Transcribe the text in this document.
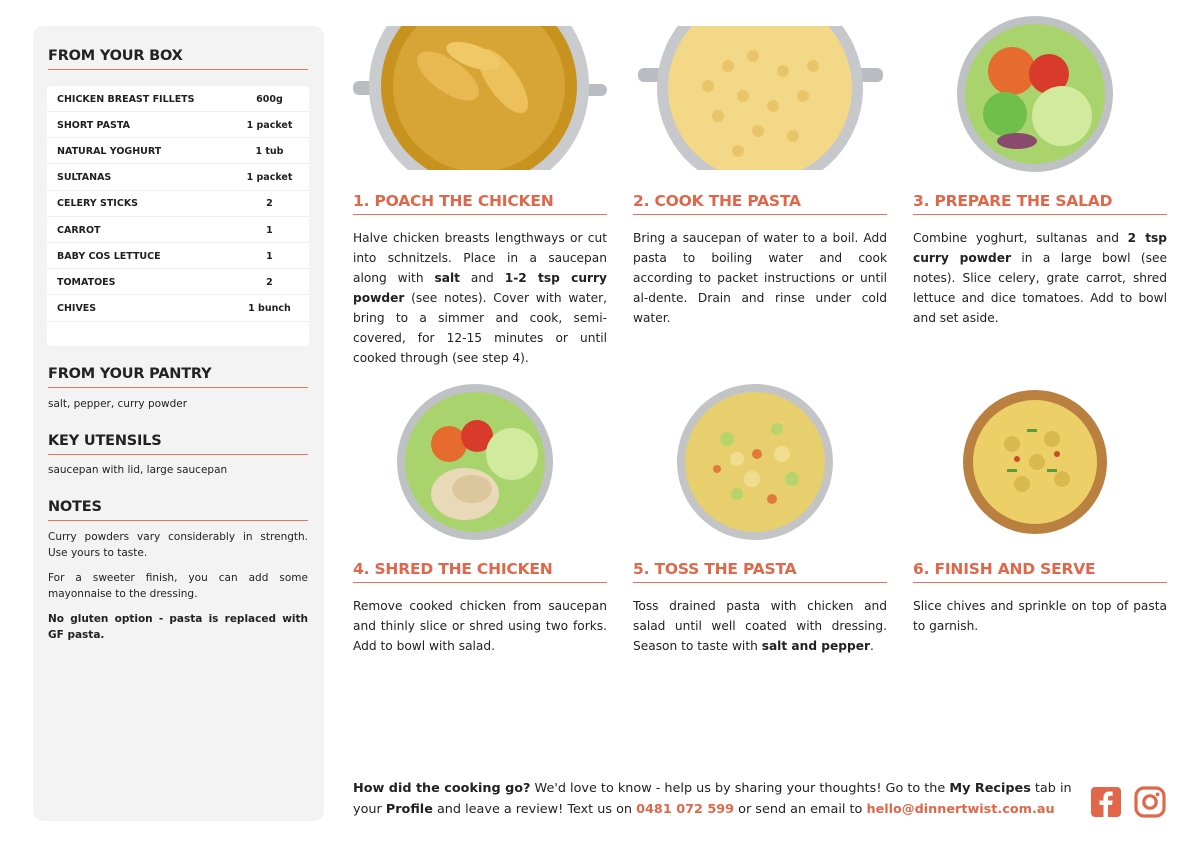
FROM YOUR BOX
CHICKEN BREAST FILLETS	600g
SHORT PASTA	1 packet
NATURAL YOGHURT	1 tub
SULTANAS	1 packet
CELERY STICKS	2
CARROT	1
BABY COS LETTUCE	1
TOMATOES	2
CHIVES	1 bunch
FROM YOUR PANTRY
salt, pepper, curry powder
KEY UTENSILS
saucepan with lid, large saucepan
NOTES
Curry powders vary considerably in strength. Use yours to taste.
For a sweeter finish, you can add some mayonnaise to the dressing.
No gluten option - pasta is replaced with GF pasta.
1. POACH THE CHICKEN	2. COOK THE PASTA	3. PREPARE THE SALAD
4. SHRED THE CHICKEN	5. TOSS THE PASTA	6. FINISH AND SERVE
Halve chicken breasts lengthways or cut into schnitzels. Place in a saucepan along with salt and 1-2 tsp curry powder (see notes). Cover with water, bring to a simmer and cook, semi-covered, for 12-15 minutes or until cooked through (see step 4).
Bring a saucepan of water to a boil. Add pasta to boiling water and cook according to packet instructions or until al-dente. Drain and rinse under cold water.
Combine yoghurt, sultanas and 2 tsp curry powder in a large bowl (see notes). Slice celery, grate carrot, shred lettuce and dice tomatoes. Add to bowl and set aside.
Remove cooked chicken from saucepan and thinly slice or shred using two forks. Add to bowl with salad.
Toss drained pasta with chicken and salad until well coated with dressing. Season to taste with salt and pepper.
Slice chives and sprinkle on top of pasta to garnish.
How did the cooking go? We'd love to know - help us by sharing your thoughts! Go to the My Recipes tab in your Profile and leave a review! Text us on 0481 072 599 or send an email to hello@dinnertwist.com.au
